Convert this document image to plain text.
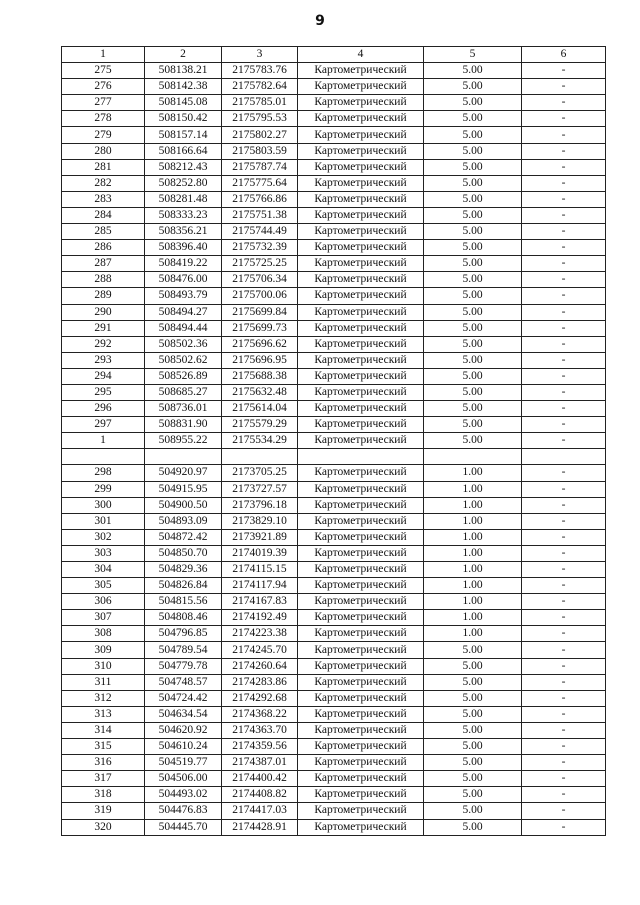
9
1	2	3	4	5	6
275	508138.21	2175783.76	Картометрический	5.00	-
276	508142.38	2175782.64	Картометрический	5.00	-
277	508145.08	2175785.01	Картометрический	5.00	-
278	508150.42	2175795.53	Картометрический	5.00	-
279	508157.14	2175802.27	Картометрический	5.00	-
280	508166.64	2175803.59	Картометрический	5.00	-
281	508212.43	2175787.74	Картометрический	5.00	-
282	508252.80	2175775.64	Картометрический	5.00	-
283	508281.48	2175766.86	Картометрический	5.00	-
284	508333.23	2175751.38	Картометрический	5.00	-
285	508356.21	2175744.49	Картометрический	5.00	-
286	508396.40	2175732.39	Картометрический	5.00	-
287	508419.22	2175725.25	Картометрический	5.00	-
288	508476.00	2175706.34	Картометрический	5.00	-
289	508493.79	2175700.06	Картометрический	5.00	-
290	508494.27	2175699.84	Картометрический	5.00	-
291	508494.44	2175699.73	Картометрический	5.00	-
292	508502.36	2175696.62	Картометрический	5.00	-
293	508502.62	2175696.95	Картометрический	5.00	-
294	508526.89	2175688.38	Картометрический	5.00	-
295	508685.27	2175632.48	Картометрический	5.00	-
296	508736.01	2175614.04	Картометрический	5.00	-
297	508831.90	2175579.29	Картометрический	5.00	-
1	508955.22	2175534.29	Картометрический	5.00	-

298	504920.97	2173705.25	Картометрический	1.00	-
299	504915.95	2173727.57	Картометрический	1.00	-
300	504900.50	2173796.18	Картометрический	1.00	-
301	504893.09	2173829.10	Картометрический	1.00	-
302	504872.42	2173921.89	Картометрический	1.00	-
303	504850.70	2174019.39	Картометрический	1.00	-
304	504829.36	2174115.15	Картометрический	1.00	-
305	504826.84	2174117.94	Картометрический	1.00	-
306	504815.56	2174167.83	Картометрический	1.00	-
307	504808.46	2174192.49	Картометрический	1.00	-
308	504796.85	2174223.38	Картометрический	1.00	-
309	504789.54	2174245.70	Картометрический	5.00	-
310	504779.78	2174260.64	Картометрический	5.00	-
311	504748.57	2174283.86	Картометрический	5.00	-
312	504724.42	2174292.68	Картометрический	5.00	-
313	504634.54	2174368.22	Картометрический	5.00	-
314	504620.92	2174363.70	Картометрический	5.00	-
315	504610.24	2174359.56	Картометрический	5.00	-
316	504519.77	2174387.01	Картометрический	5.00	-
317	504506.00	2174400.42	Картометрический	5.00	-
318	504493.02	2174408.82	Картометрический	5.00	-
319	504476.83	2174417.03	Картометрический	5.00	-
320	504445.70	2174428.91	Картометрический	5.00	-
